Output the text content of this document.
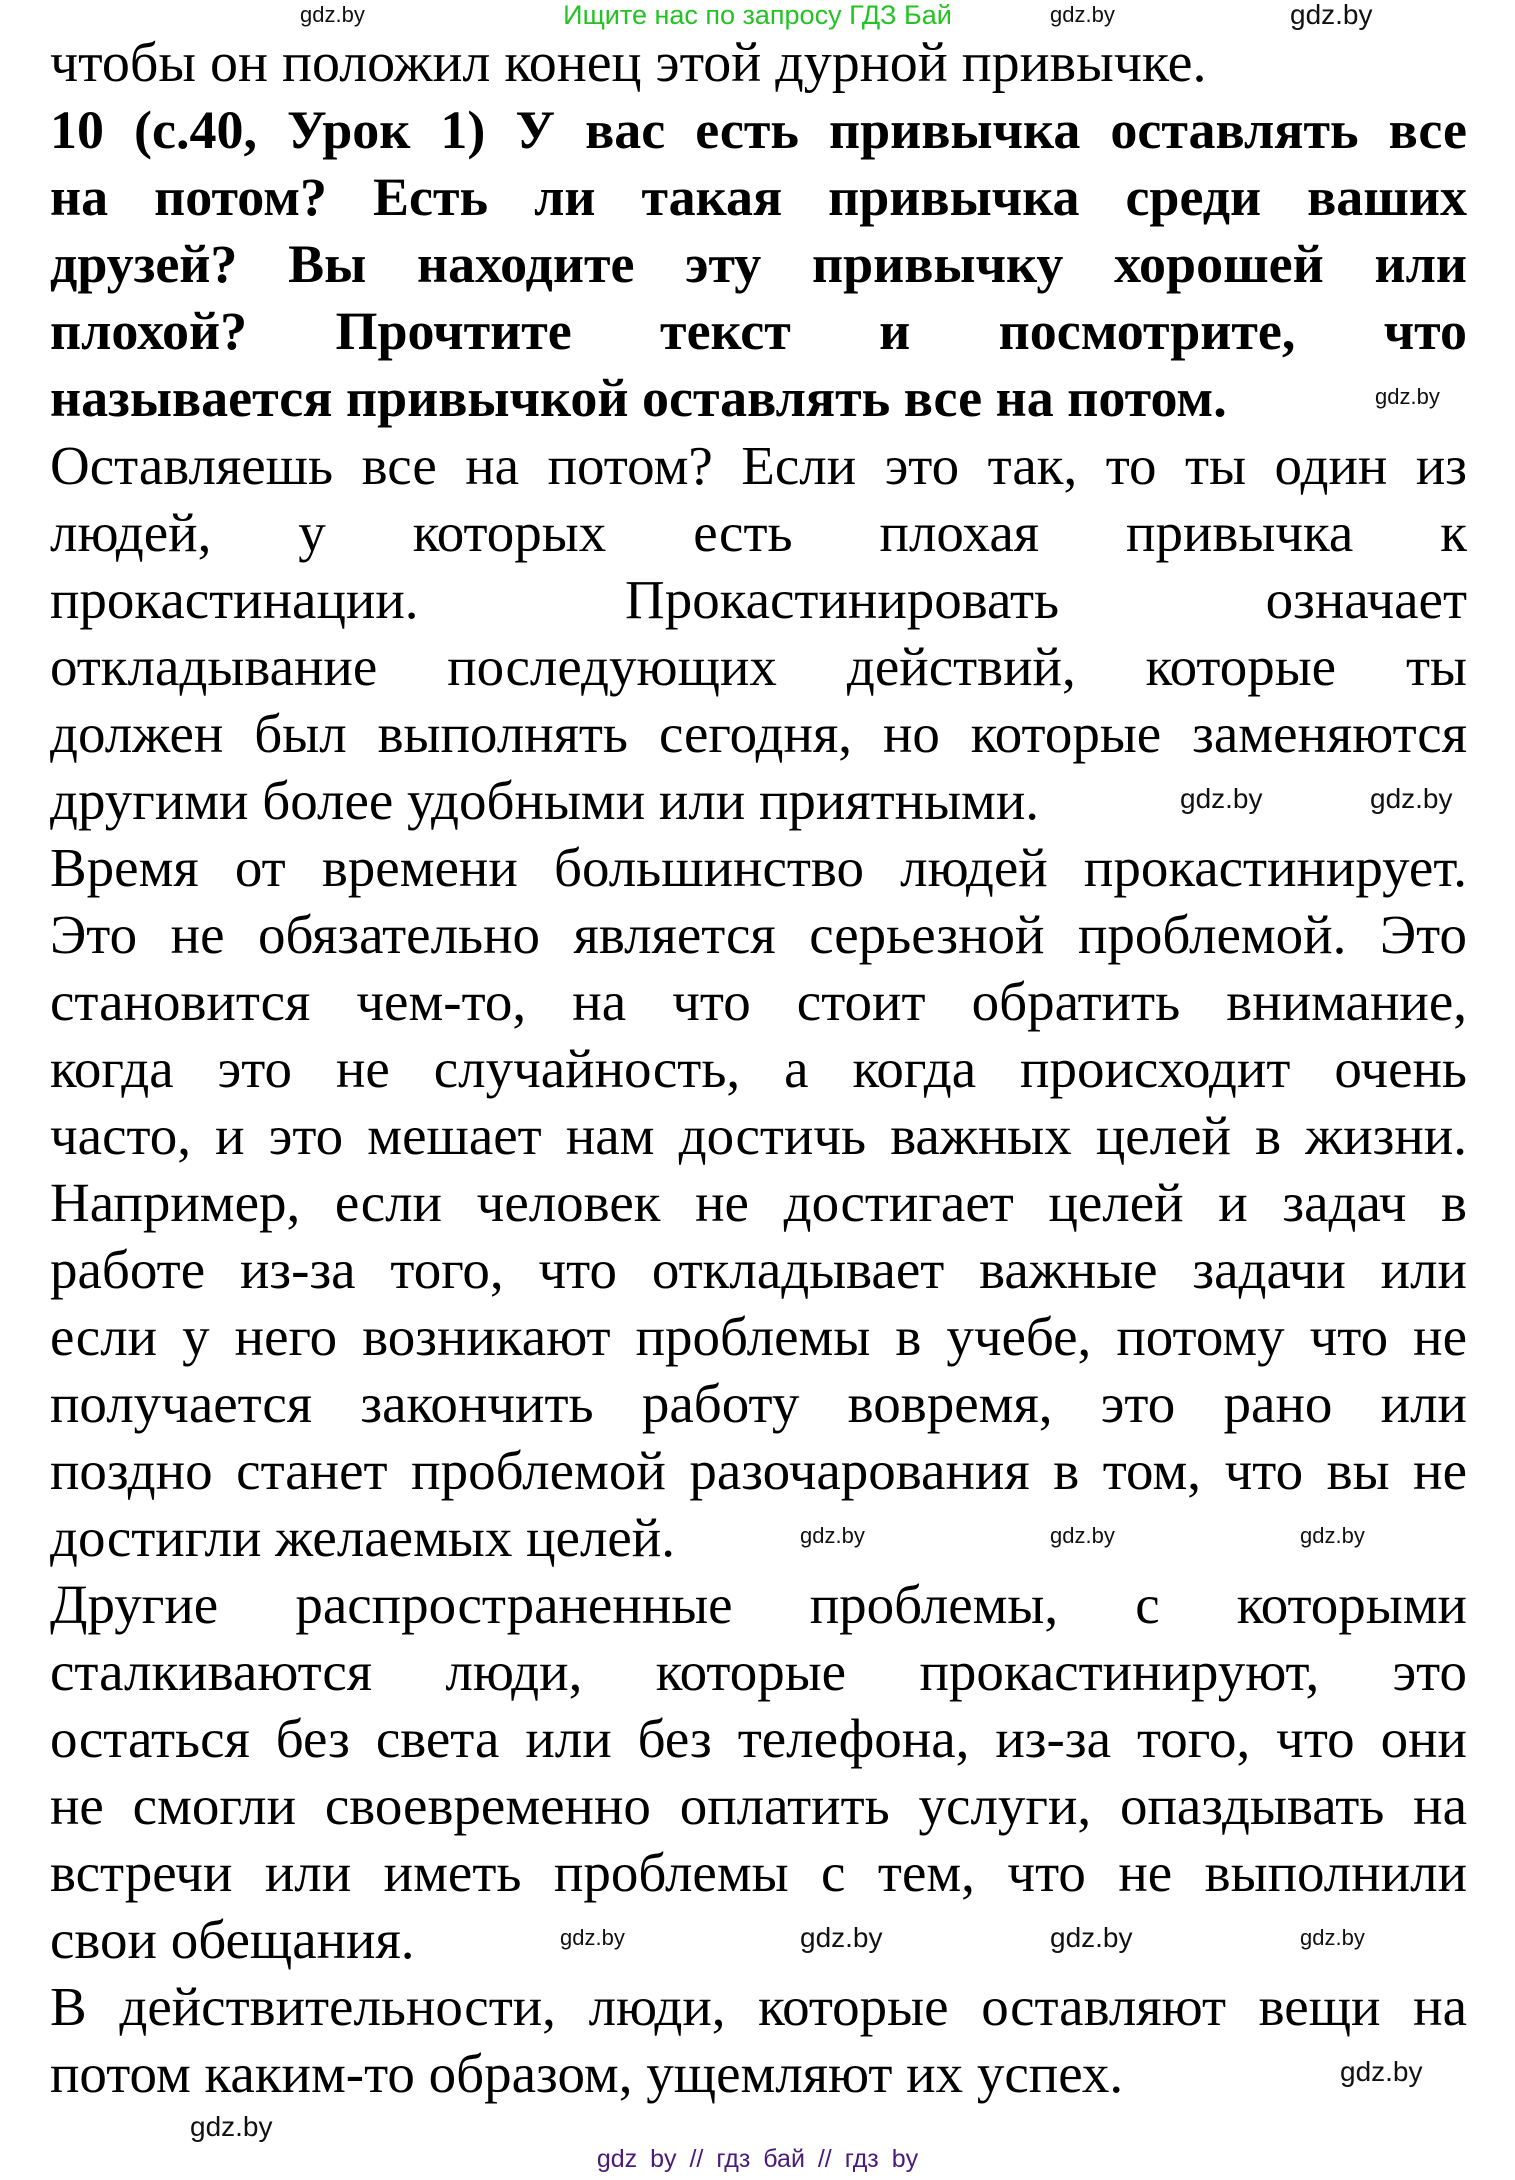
Ищите нас по запросу ГДЗ Бай
чтобы он положил конец этой дурной привычке.
10 (с.40, Урок 1) У вас есть привычка оставлять все
на потом? Есть ли такая привычка среди ваших
друзей? Вы находите эту привычку хорошей или
плохой? Прочтите текст и посмотрите, что
называется привычкой оставлять все на потом.
Оставляешь все на потом? Если это так, то ты один из
людей, у которых есть плохая привычка к
прокастинации. Прокастинировать означает
откладывание последующих действий, которые ты
должен был выполнять сегодня, но которые заменяются
другими более удобными или приятными.
Время от времени большинство людей прокастинирует.
Это не обязательно является серьезной проблемой. Это
становится чем-то, на что стоит обратить внимание,
когда это не случайность, а когда происходит очень
часто, и это мешает нам достичь важных целей в жизни.
Например, если человек не достигает целей и задач в
работе из-за того, что откладывает важные задачи или
если у него возникают проблемы в учебе, потому что не
получается закончить работу вовремя, это рано или
поздно станет проблемой разочарования в том, что вы не
достигли желаемых целей.
Другие распространенные проблемы, с которыми
сталкиваются люди, которые прокастинируют, это
остаться без света или без телефона, из-за того, что они
не смогли своевременно оплатить услуги, опаздывать на
встречи или иметь проблемы с тем, что не выполнили
свои обещания.
В действительности, люди, которые оставляют вещи на
потом каким-то образом, ущемляют их успех.
gdz.by
gdz.by
gdz.by
gdz.by
gdz.by	gdz.by
gdz.by
gdz.by	gdz.by
gdz.by
gdz.by
gdz.by	gdz.by
gdz.by
gdz.by
gdz by // гдз бай // гдз by
